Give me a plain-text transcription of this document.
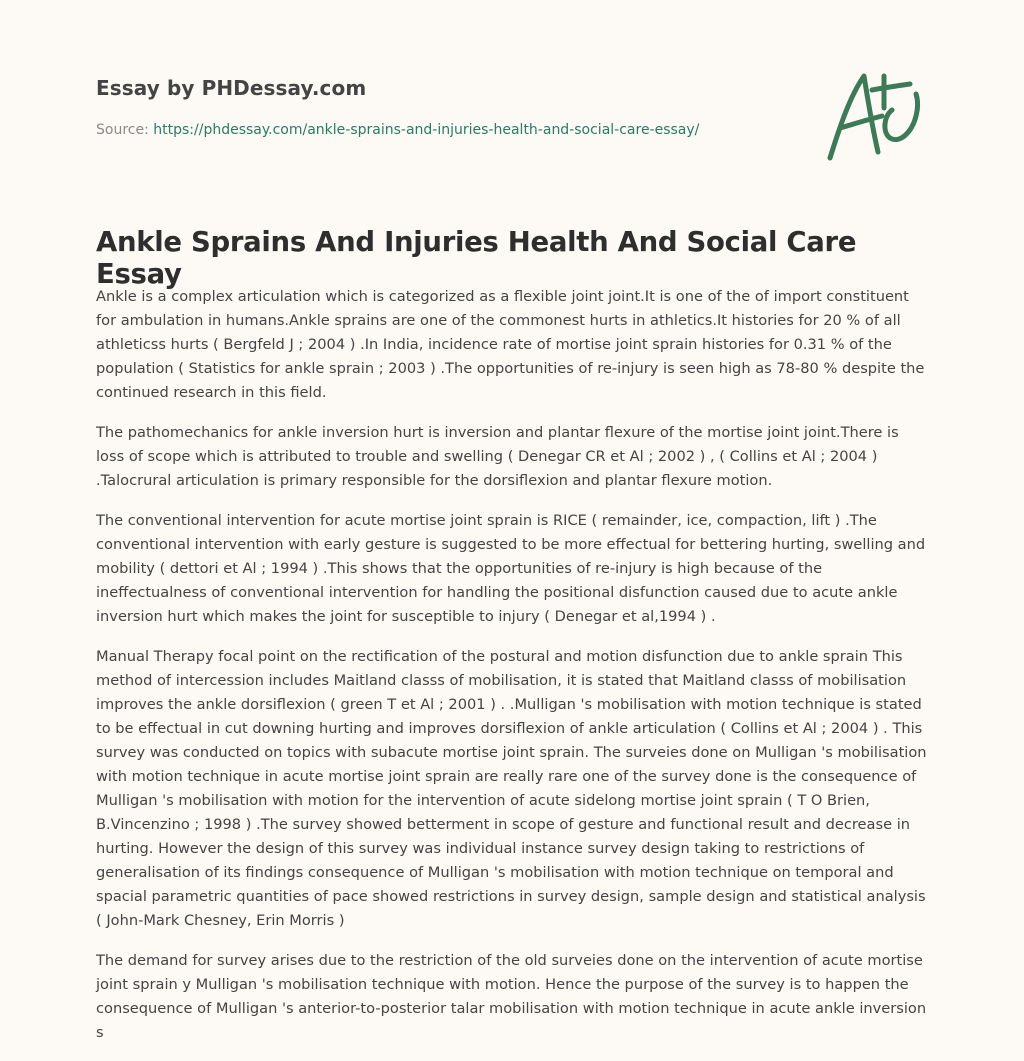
Essay by PHDessay.com
Source: https://phdessay.com/ankle-sprains-and-injuries-health-and-social-care-essay/
Ankle Sprains And Injuries Health And Social Care Essay

Ankle is a complex articulation which is categorized as a flexible joint joint.It is one of the of import constituent for ambulation in humans.Ankle sprains are one of the commonest hurts in athletics.It histories for 20 % of all athleticss hurts ( Bergfeld J ; 2004 ) .In India, incidence rate of mortise joint sprain histories for 0.31 % of the population ( Statistics for ankle sprain ; 2003 ) .The opportunities of re-injury is seen high as 78-80 % despite the continued research in this field.

The pathomechanics for ankle inversion hurt is inversion and plantar flexure of the mortise joint joint.There is loss of scope which is attributed to trouble and swelling ( Denegar CR et Al ; 2002 ) , ( Collins et Al ; 2004 ) .Talocrural articulation is primary responsible for the dorsiflexion and plantar flexure motion.

The conventional intervention for acute mortise joint sprain is RICE ( remainder, ice, compaction, lift ) .The conventional intervention with early gesture is suggested to be more effectual for bettering hurting, swelling and mobility ( dettori et Al ; 1994 ) .This shows that the opportunities of re-injury is high because of the ineffectualness of conventional intervention for handling the positional disfunction caused due to acute ankle inversion hurt which makes the joint for susceptible to injury ( Denegar et al,1994 ) .

Manual Therapy focal point on the rectification of the postural and motion disfunction due to ankle sprain This method of intercession includes Maitland classs of mobilisation, it is stated that Maitland classs of mobilisation improves the ankle dorsiflexion ( green T et Al ; 2001 ) . .Mulligan 's mobilisation with motion technique is stated to be effectual in cut downing hurting and improves dorsiflexion of ankle articulation ( Collins et Al ; 2004 ) . This survey was conducted on topics with subacute mortise joint sprain. The surveies done on Mulligan 's mobilisation with motion technique in acute mortise joint sprain are really rare one of the survey done is the consequence of Mulligan 's mobilisation with motion for the intervention of acute sidelong mortise joint sprain ( T O Brien, B.Vincenzino ; 1998 ) .The survey showed betterment in scope of gesture and functional result and decrease in hurting. However the design of this survey was individual instance survey design taking to restrictions of generalisation of its findings consequence of Mulligan 's mobilisation with motion technique on temporal and spacial parametric quantities of pace showed restrictions in survey design, sample design and statistical analysis ( John-Mark Chesney, Erin Morris )

The demand for survey arises due to the restriction of the old surveies done on the intervention of acute mortise joint sprain y Mulligan 's mobilisation technique with motion. Hence the purpose of the survey is to happen the consequence of Mulligan 's anterior-to-posterior talar mobilisation with motion technique in acute ankle inversion s
